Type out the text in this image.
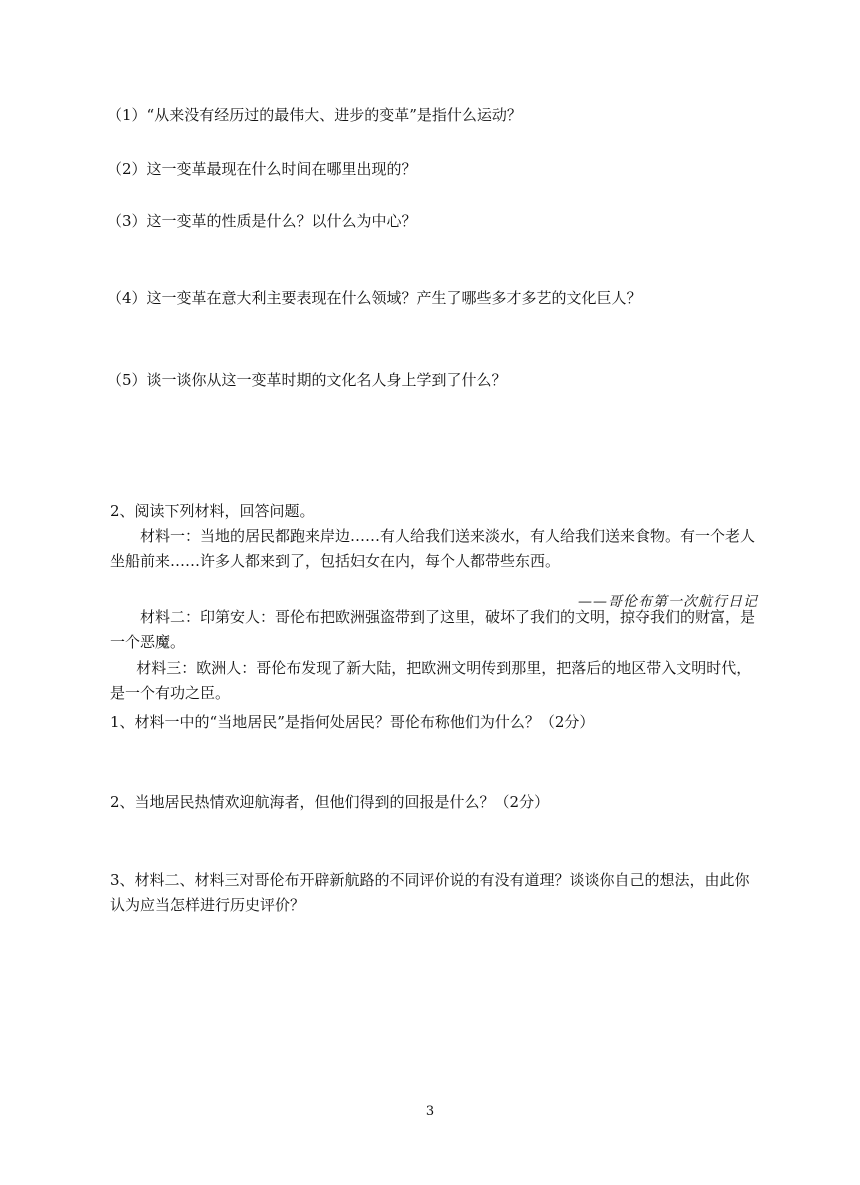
（1）“从来没有经历过的最伟大、进步的变革”是指什么运动？

（2）这一变革最现在什么时间在哪里出现的？

（3）这一变革的性质是什么？以什么为中心？

（4）这一变革在意大利主要表现在什么领域？产生了哪些多才多艺的文化巨人？

（5）谈一谈你从这一变革时期的文化名人身上学到了什么？

2、阅读下列材料，回答问题。

材料一：当地的居民都跑来岸边……有人给我们送来淡水，有人给我们送来食物。有一个老人坐船前来……许多人都来到了，包括妇女在内，每个人都带些东西。

——哥伦布第一次航行日记

材料二：印第安人：哥伦布把欧洲强盗带到了这里，破坏了我们的文明，掠夺我们的财富，是一个恶魔。

材料三：欧洲人：哥伦布发现了新大陆，把欧洲文明传到那里，把落后的地区带入文明时代，是一个有功之臣。

1、材料一中的“当地居民”是指何处居民？哥伦布称他们为什么？（2分）

2、当地居民热情欢迎航海者，但他们得到的回报是什么？（2分）

3、材料二、材料三对哥伦布开辟新航路的不同评价说的有没有道理？谈谈你自己的想法，由此你认为应当怎样进行历史评价？

3
